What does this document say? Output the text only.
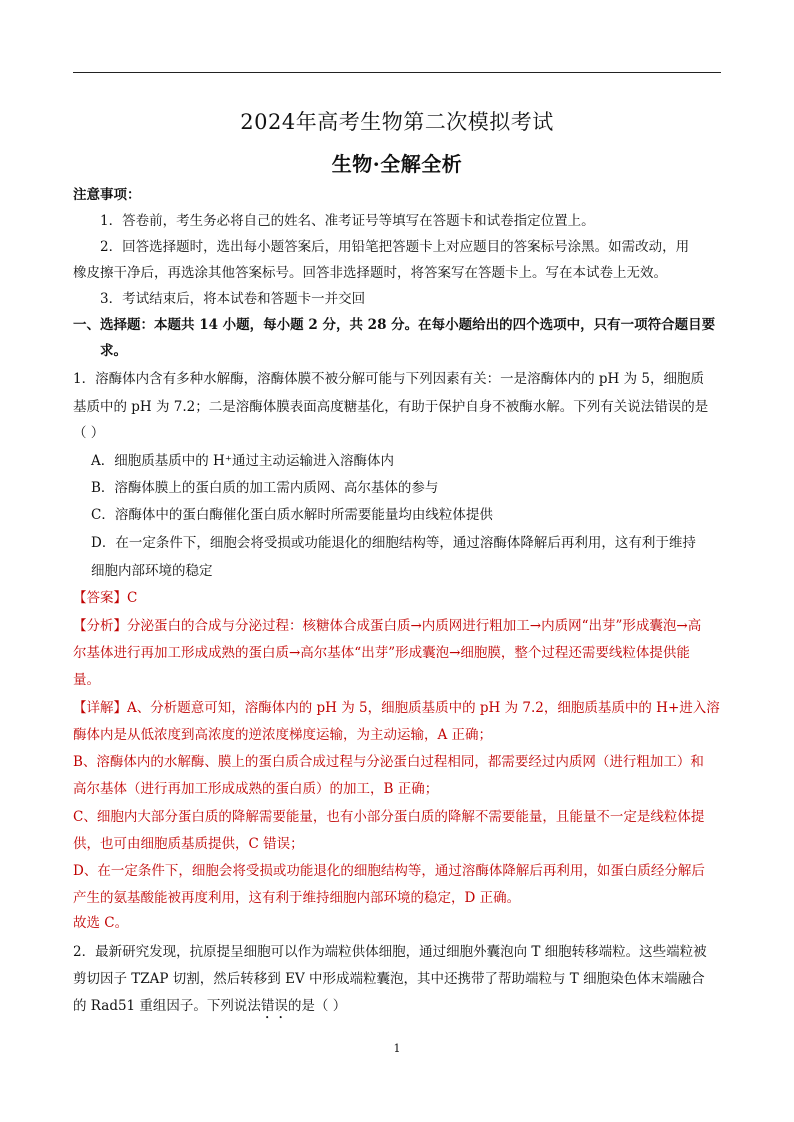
2024年高考生物第二次模拟考试
生物·全解全析
注意事项：
1．答卷前，考生务必将自己的姓名、准考证号等填写在答题卡和试卷指定位置上。
2．回答选择题时，选出每小题答案后，用铅笔把答题卡上对应题目的答案标号涂黑。如需改动，用
橡皮擦干净后，再选涂其他答案标号。回答非选择题时，将答案写在答题卡上。写在本试卷上无效。
3．考试结束后，将本试卷和答题卡一并交回
一、选择题：本题共 14 小题，每小题 2 分，共 28 分。在每小题给出的四个选项中，只有一项符合题目要
求。
1．溶酶体内含有多种水解酶，溶酶体膜不被分解可能与下列因素有关：一是溶酶体内的 pH 为 5，细胞质
基质中的 pH 为 7.2；二是溶酶体膜表面高度糖基化，有助于保护自身不被酶水解。下列有关说法错误的是
（ ）
A．细胞质基质中的 H⁺通过主动运输进入溶酶体内
B．溶酶体膜上的蛋白质的加工需内质网、高尔基体的参与
C．溶酶体中的蛋白酶催化蛋白质水解时所需要能量均由线粒体提供
D．在一定条件下，细胞会将受损或功能退化的细胞结构等，通过溶酶体降解后再利用，这有利于维持
细胞内部环境的稳定
【答案】C
【分析】分泌蛋白的合成与分泌过程：核糖体合成蛋白质→内质网进行粗加工→内质网“出芽”形成囊泡→高
尔基体进行再加工形成成熟的蛋白质→高尔基体“出芽”形成囊泡→细胞膜，整个过程还需要线粒体提供能
量。
【详解】A、分析题意可知，溶酶体内的 pH 为 5，细胞质基质中的 pH 为 7.2，细胞质基质中的 H+进入溶
酶体内是从低浓度到高浓度的逆浓度梯度运输，为主动运输，A 正确；
B、溶酶体内的水解酶、膜上的蛋白质合成过程与分泌蛋白过程相同，都需要经过内质网（进行粗加工）和
高尔基体（进行再加工形成成熟的蛋白质）的加工，B 正确；
C、细胞内大部分蛋白质的降解需要能量，也有小部分蛋白质的降解不需要能量，且能量不一定是线粒体提
供，也可由细胞质基质提供，C 错误；
D、在一定条件下，细胞会将受损或功能退化的细胞结构等，通过溶酶体降解后再利用，如蛋白质经分解后
产生的氨基酸能被再度利用，这有利于维持细胞内部环境的稳定，D 正确。
故选 C。
2．最新研究发现，抗原提呈细胞可以作为端粒供体细胞，通过细胞外囊泡向 T 细胞转移端粒。这些端粒被
剪切因子 TZAP 切割，然后转移到 EV 中形成端粒囊泡，其中还携带了帮助端粒与 T 细胞染色体末端融合
的 Rad51 重组因子。下列说法错误的是（ ）
1
